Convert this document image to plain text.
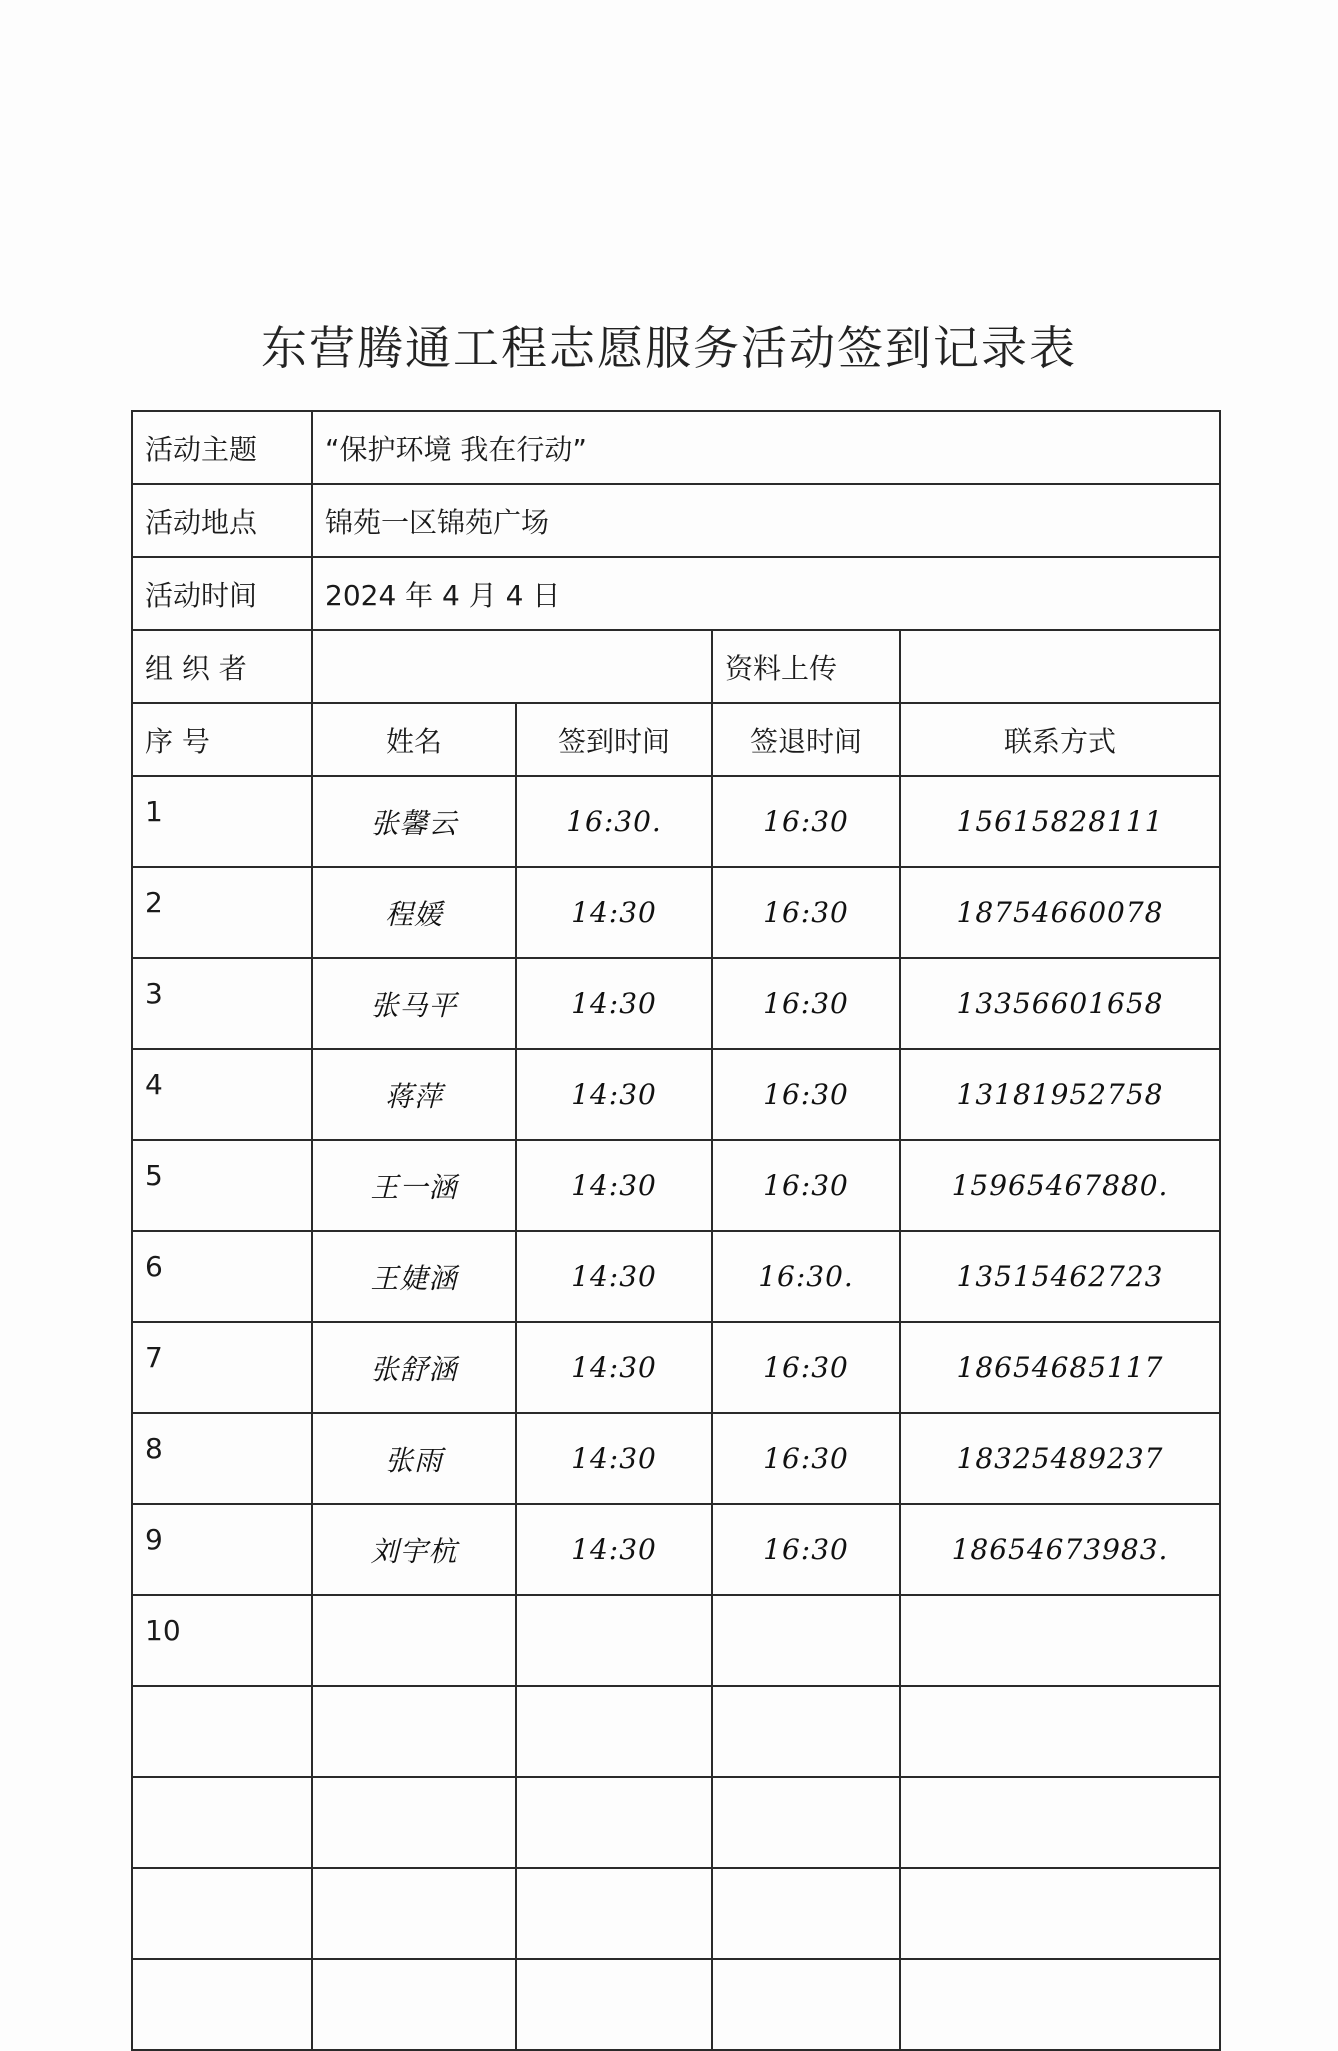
东营腾通工程志愿服务活动签到记录表
活动主题	“保护环境 我在行动”			
活动地点	锦苑一区锦苑广场			
活动时间	2024 年 4 月 4 日			
组 织 者			资料上传	
序 号	姓名	签到时间	签退时间	联系方式
1	张馨云	16:30.	16:30	15615828111
2	程媛	14:30	16:30	18754660078
3	张马平	14:30	16:30	13356601658
4	蒋萍	14:30	16:30	13181952758
5	王一涵	14:30	16:30	15965467880.
6	王婕涵	14:30	16:30.	13515462723
7	张舒涵	14:30	16:30	18654685117
8	张雨	14:30	16:30	18325489237
9	刘宇杭	14:30	16:30	18654673983.
10				
